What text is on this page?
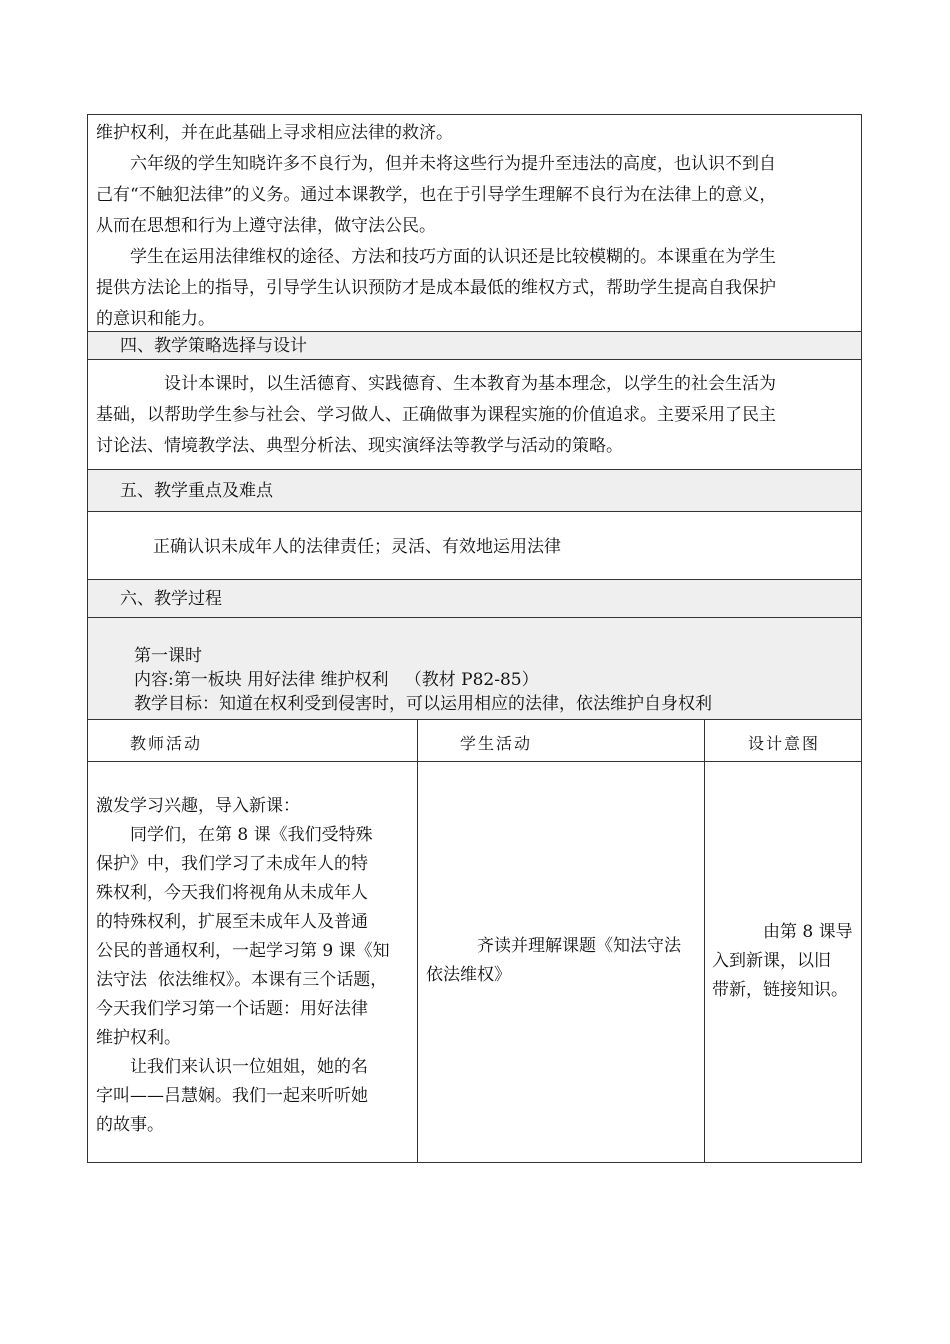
维护权利，并在此基础上寻求相应法律的救济。

六年级的学生知晓许多不良行为，但并未将这些行为提升至违法的高度，也认识不到自

己有“不触犯法律”的义务。通过本课教学，也在于引导学生理解不良行为在法律上的意义，

从而在思想和行为上遵守法律，做守法公民。

学生在运用法律维权的途径、方法和技巧方面的认识还是比较模糊的。本课重在为学生

提供方法论上的指导，引导学生认识预防才是成本最低的维权方式，帮助学生提高自我保护

的意识和能力。

四、教学策略选择与设计

设计本课时，以生活德育、实践德育、生本教育为基本理念，以学生的社会生活为

基础，以帮助学生参与社会、学习做人、正确做事为课程实施的价值追求。主要采用了民主

讨论法、情境教学法、典型分析法、现实演绎法等教学与活动的策略。

五、教学重点及难点
正确认识未成年人的法律责任；灵活、有效地运用法律
六、教学过程
第一课时
内容:第一板块 用好法律 维护权利   （教材 P82-85）
教学目标：知道在权利受到侵害时，可以运用相应的法律，依法维护自身权利
教师活动	学生活动	设计意图
激发学习兴趣，导入新课：
同学们，在第 8 课《我们受特殊
保护》中，我们学习了未成年人的特
殊权利，今天我们将视角从未成年人
的特殊权利，扩展至未成年人及普通
公民的普通权利，一起学习第 9 课《知
法守法  依法维权》。本课有三个话题，
今天我们学习第一个话题：用好法律
维护权利。
让我们来认识一位姐姐，她的名
字叫——吕慧娴。我们一起来听听她
的故事。
齐读并理解课题《知法守法
依法维权》
由第 8 课导
入到新课，以旧
带新，链接知识。
